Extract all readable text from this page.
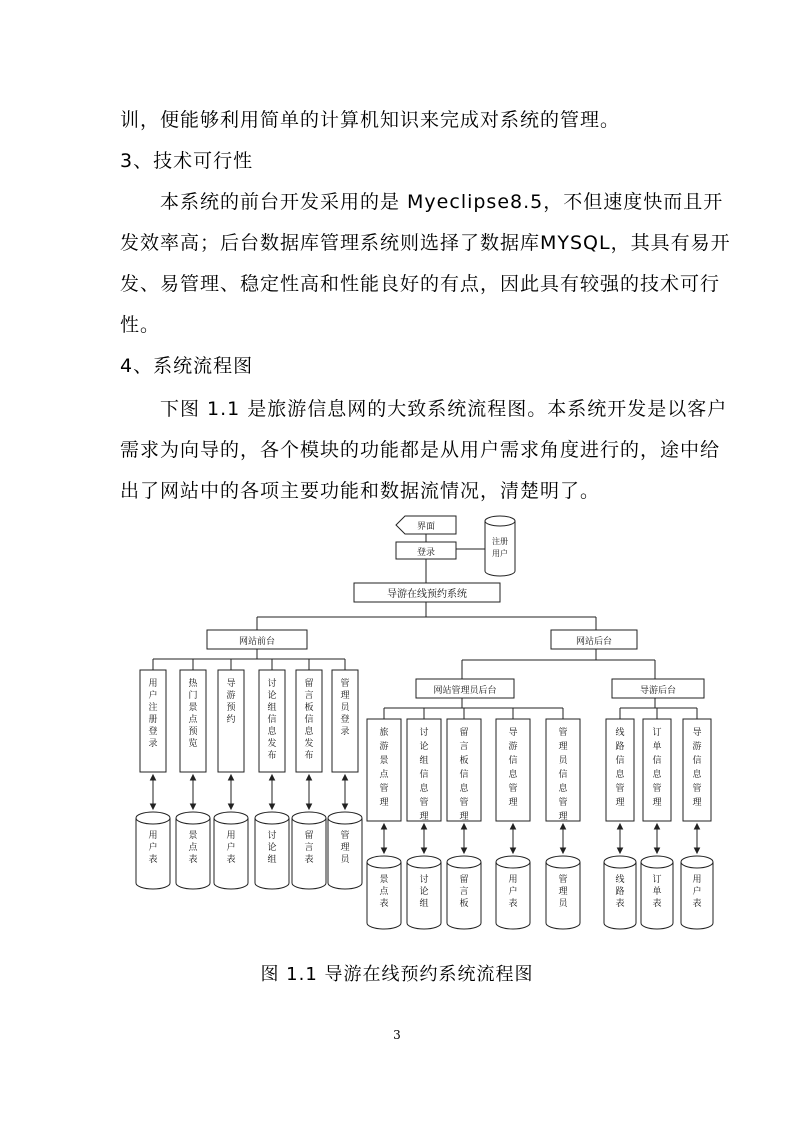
训，便能够利用简单的计算机知识来完成对系统的管理。
3、技术可行性
本系统的前台开发采用的是 Myeclipse8.5，不但速度快而且开
发效率高；后台数据库管理系统则选择了数据库MYSQL，其具有易开
发、易管理、稳定性高和性能良好的有点，因此具有较强的技术可行
性。
4、系统流程图
下图 1.1 是旅游信息网的大致系统流程图。本系统开发是以客户
需求为向导的，各个模块的功能都是从用户需求角度进行的，途中给
出了网站中的各项主要功能和数据流情况，清楚明了。
界面
注册用户
登录
导游在线预约系统
网站前台	网站后台
网站管理员后台	导游后台
用户注册登录
用户表
热门景点预览
景点表
导游预约
用户表
讨论组信息发布
讨论组
留言板信息发布
留言表
管理员登录
管理员
旅游景点管理
景点表
讨论组信息管理
讨论组
留言板信息管理
留言板
导游信息管理
用户表
管理员信息管理
管理员
线路信息管理
线路表
订单信息管理
订单表
导游信息管理
用户表
图 1.1 导游在线预约系统流程图
3
